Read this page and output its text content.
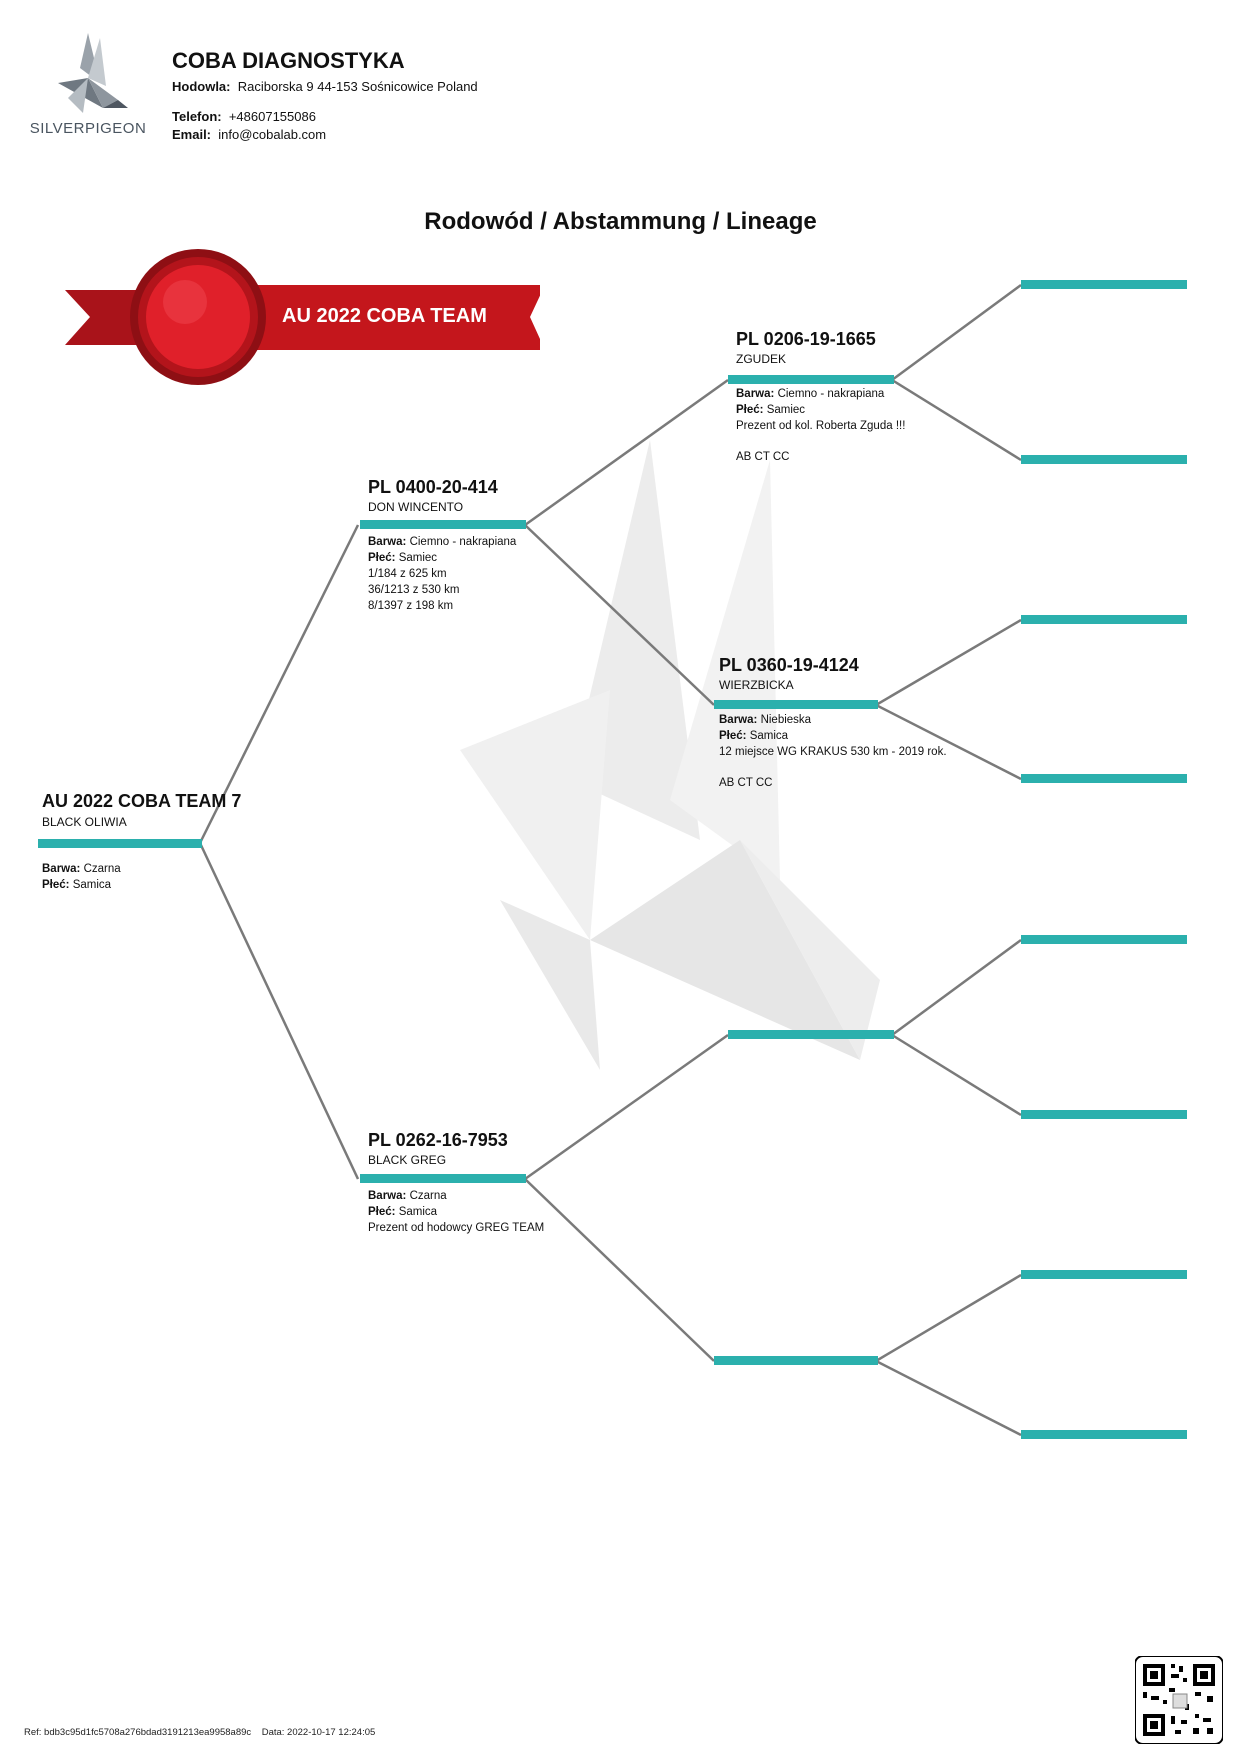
SILVERPIGEON
COBA DIAGNOSTYKA
Hodowla: Raciborska 9 44-153 Sośnicowice Poland
Telefon: +48607155086
Email: info@cobalab.com
Rodowód / Abstammung / Lineage
AU 2022 COBA TEAM
AU 2022 COBA TEAM 7
BLACK OLIWIA
Barwa: Czarna
Płeć: Samica
PL 0400-20-414
DON WINCENTO
Barwa: Ciemno - nakrapiana
Płeć: Samiec
1/184 z 625 km
36/1213 z 530 km
8/1397 z 198 km
PL 0262-16-7953
BLACK GREG
Barwa: Czarna
Płeć: Samica
Prezent od hodowcy GREG TEAM
PL 0206-19-1665
ZGUDEK
Barwa: Ciemno - nakrapiana
Płeć: Samiec
Prezent od kol. Roberta Zguda !!!
AB CT CC
PL 0360-19-4124
WIERZBICKA
Barwa: Niebieska
Płeć: Samica
12 miejsce WG KRAKUS 530 km - 2019 rok.
AB CT CC
Ref: bdb3c95d1fc5708a276bdad3191213ea9958a89c    Data: 2022-10-17 12:24:05
